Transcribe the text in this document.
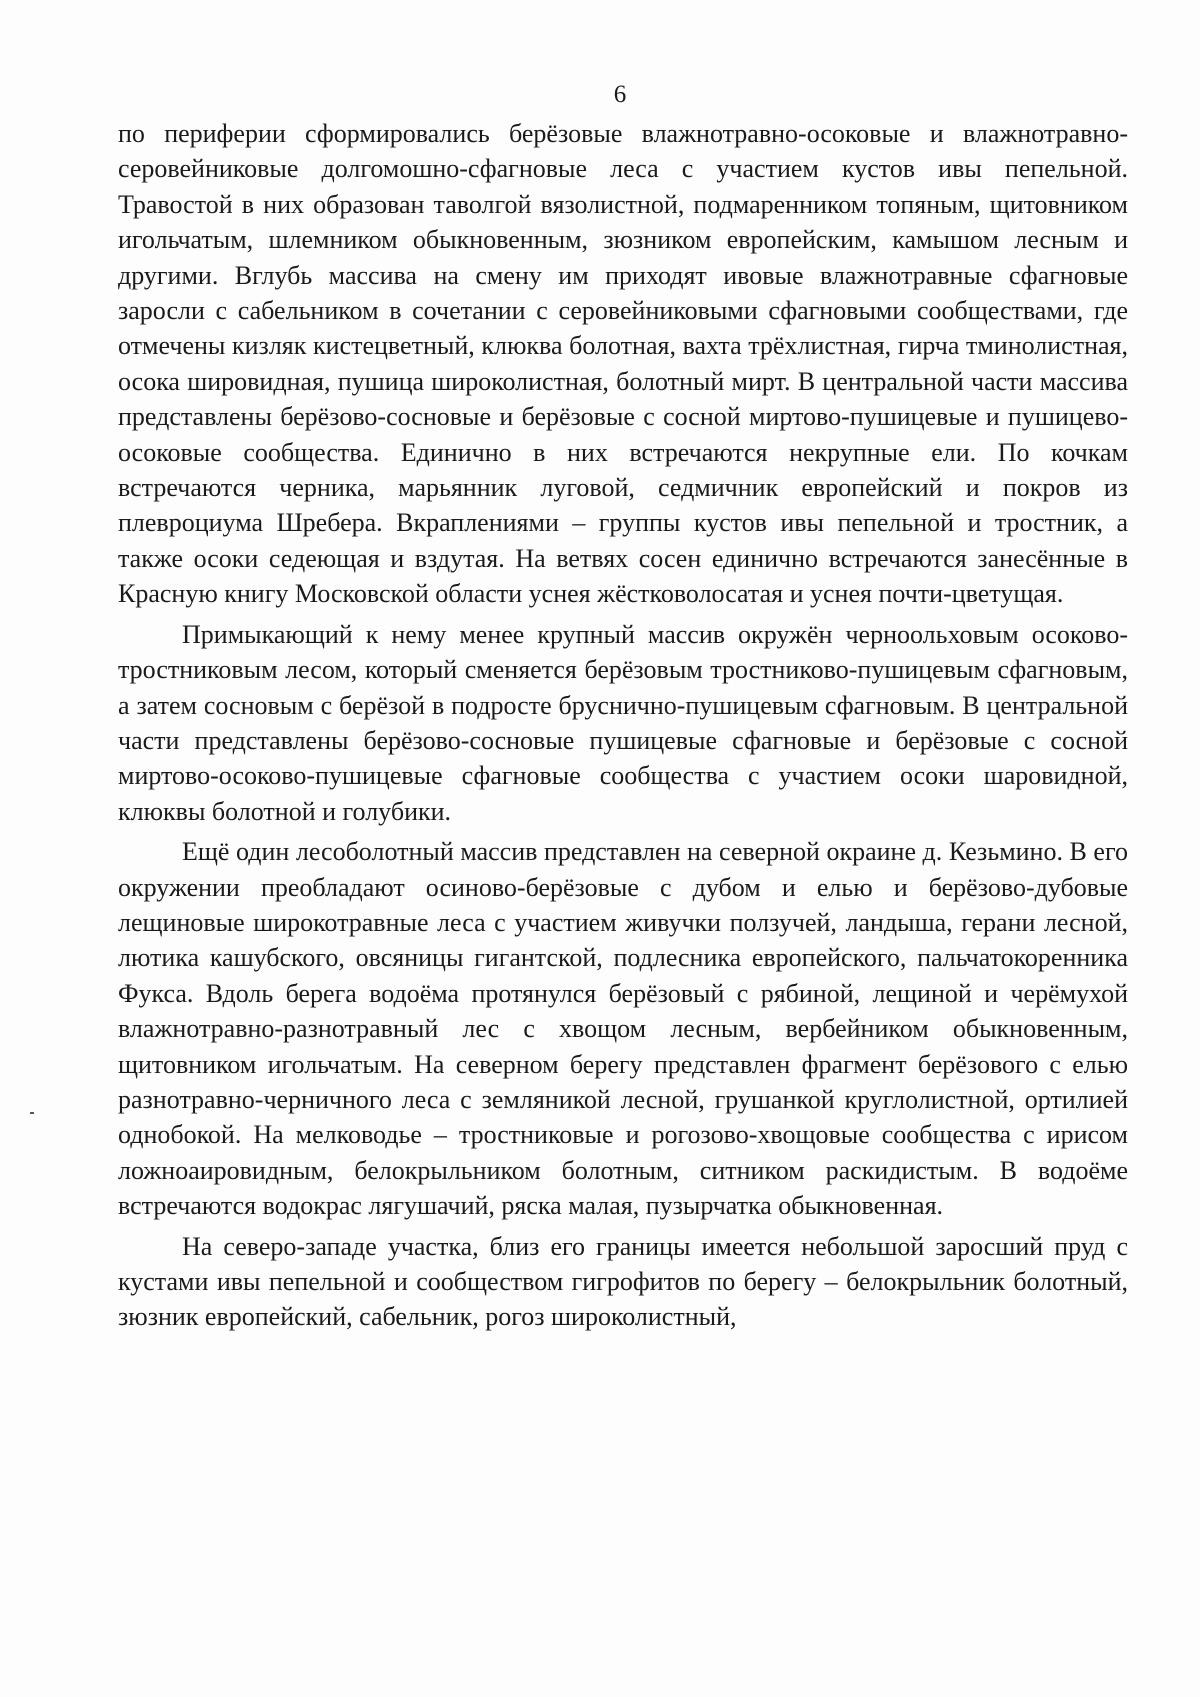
6

по периферии сформировались берёзовые влажнотравно-осоковые и влажнотравно-серовейниковые долгомошно-сфагновые леса с участием кустов ивы пепельной. Травостой в них образован таволгой вязолистной, подмаренником топяным, щитовником игольчатым, шлемником обыкновенным, зюзником европейским, камышом лесным и другими. Вглубь массива на смену им приходят ивовые влажнотравные сфагновые заросли с сабельником в сочетании с серовейниковыми сфагновыми сообществами, где отмечены кизляк кистецветный, клюква болотная, вахта трёхлистная, гирча тминолистная, осока шировидная, пушица широколистная, болотный мирт. В центральной части массива представлены берёзово-сосновые и берёзовые с сосной миртово-пушицевые и пушицево-осоковые сообщества. Единично в них встречаются некрупные ели. По кочкам встречаются черника, марьянник луговой, седмичник европейский и покров из плевроциума Шребера. Вкраплениями – группы кустов ивы пепельной и тростник, а также осоки седеющая и вздутая. На ветвях сосен единично встречаются занесённые в Красную книгу Московской области уснея жёстковолосатая и уснея почти-цветущая.

Примыкающий к нему менее крупный массив окружён черноольховым осоково-тростниковым лесом, который сменяется берёзовым тростниково-пушицевым сфагновым, а затем сосновым с берёзой в подросте бруснично-пушицевым сфагновым. В центральной части представлены берёзово-сосновые пушицевые сфагновые и берёзовые с сосной миртово-осоково-пушицевые сфагновые сообщества с участием осоки шаровидной, клюквы болотной и голубики.

Ещё один лесоболотный массив представлен на северной окраине д. Кезьмино. В его окружении преобладают осиново-берёзовые с дубом и елью и берёзово-дубовые лещиновые широкотравные леса с участием живучки ползучей, ландыша, герани лесной, лютика кашубского, овсяницы гигантской, подлесника европейского, пальчатокоренника Фукса. Вдоль берега водоёма протянулся берёзовый с рябиной, лещиной и черёмухой влажнотравно-разнотравный лес с хвощом лесным, вербейником обыкновенным, щитовником игольчатым. На северном берегу представлен фрагмент берёзового с елью разнотравно-черничного леса с земляникой лесной, грушанкой круглолистной, ортилией однобокой. На мелководье – тростниковые и рогозово-хвощовые сообщества с ирисом ложноаировидным, белокрыльником болотным, ситником раскидистым. В водоёме встречаются водокрас лягушачий, ряска малая, пузырчатка обыкновенная.

На северо-западе участка, близ его границы имеется небольшой заросший пруд с кустами ивы пепельной и сообществом гигрофитов по берегу – белокрыльник болотный, зюзник европейский, сабельник, рогоз широколистный,
